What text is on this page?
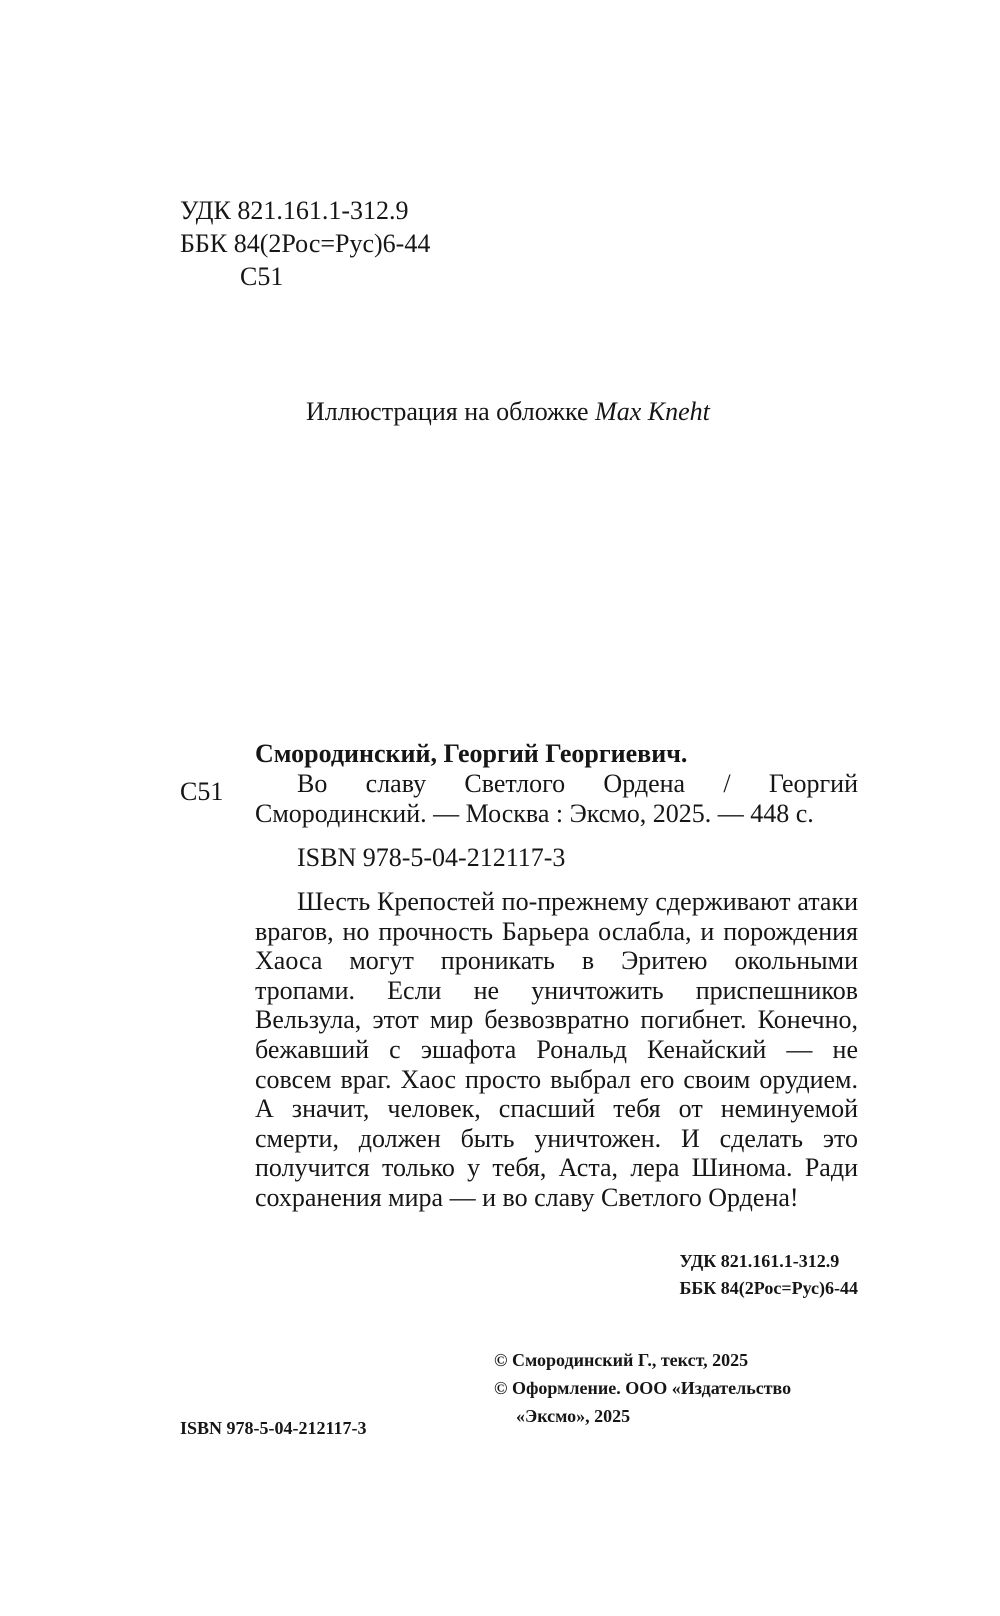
УДК 821.161.1-312.9
ББК 84(2Рос=Рус)6-44
С51
Иллюстрация на обложке Max Kneht
С51

Смородинский, Георгий Георгиевич.

Во славу Светлого Ордена / Георгий Смородинский. — Москва : Эксмо, 2025. — 448 с.

ISBN 978-5-04-212117-3

Шесть Крепостей по-прежнему сдерживают атаки врагов, но прочность Барьера ослабла, и порождения Хаоса могут проникать в Эритею окольными тропами. Если не уничтожить приспешников Вельзула, этот мир безвозвратно погибнет. Конечно, бежавший с эшафота Рональд Кенайский — не совсем враг. Хаос просто выбрал его своим орудием. А значит, человек, спасший тебя от неминуемой смерти, должен быть уничтожен. И сделать это получится только у тебя, Аста, лера Шинома. Ради сохранения мира — и во славу Светлого Ордена!

УДК 821.161.1-312.9
ББК 84(2Рос=Рус)6-44
© Смородинский Г., текст, 2025
© Оформление. ООО «Издательство
«Эксмо», 2025
ISBN 978-5-04-212117-3
